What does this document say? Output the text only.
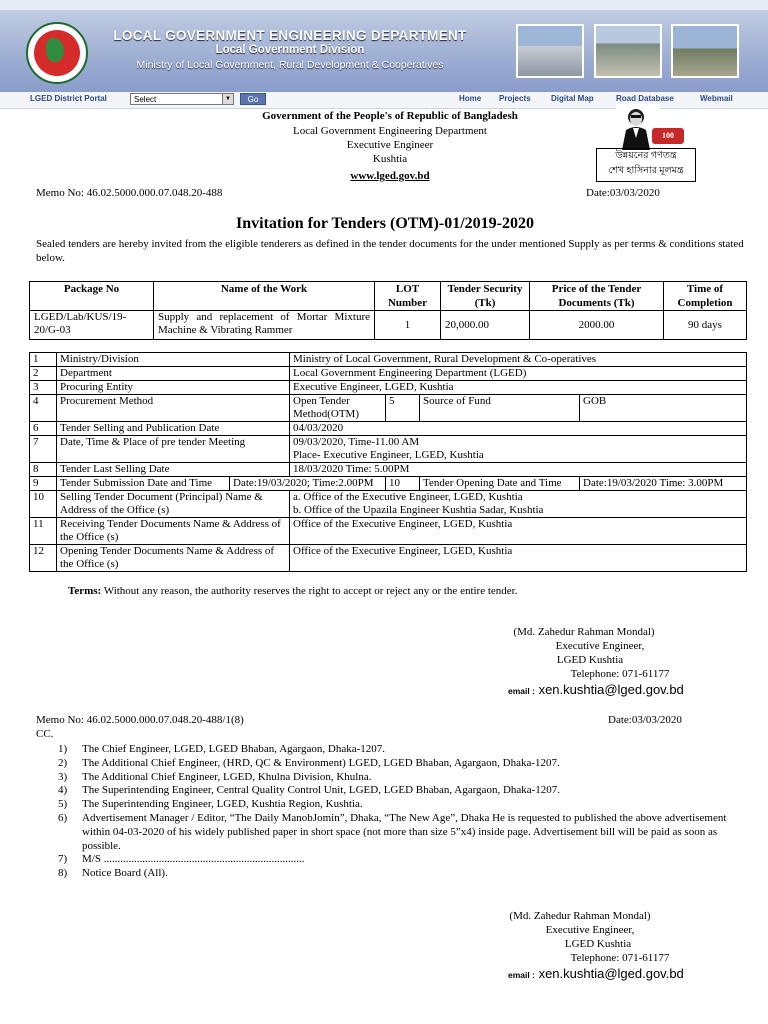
LOCAL GOVERNMENT ENGINEERING DEPARTMENT
Local Government Division
Ministry of Local Government, Rural Development & Cooperatives
LGED District Portal	Select	▼	Go	Home Projects	Digital Map	Road Database	Webmail
Government of the People's of Republic of Bangladesh
Local Government Engineering Department
Executive Engineer
Kushtia
www.lged.gov.bd
100
উন্নয়নের গণতন্ত্র
শেখ হাসিনার মূলমন্ত্র
Memo No: 46.02.5000.000.07.048.20-488	Date:03/03/2020
Invitation for Tenders (OTM)-01/2019-2020
Sealed tenders are hereby invited from the eligible tenderers as defined in the tender documents for the under mentioned Supply as per terms & conditions stated below.
Package No	Name of the Work	LOT Number	Tender Security (Tk)	Price of the Tender Documents (Tk)	Time of Completion
LGED/Lab/KUS/19-20/G-03	Supply and replacement of Mortar Mixture Machine & Vibrating Rammer	1	20,000.00	2000.00	90 days
1	Ministry/Division		Ministry of Local Government, Rural Development & Co-operatives			
2	Department		Local Government Engineering Department (LGED)			
3	Procuring Entity		Executive Engineer, LGED, Kushtia			
4	Procurement Method		Open Tender Method(OTM)	5	Source of Fund	GOB
6	Tender Selling and Publication Date		04/03/2020			
7	Date, Time & Place of pre tender Meeting		09/03/2020, Time-11.00 AM
Place- Executive Engineer, LGED, Kushtia			

8	Tender Last Selling Date		18/03/2020 Time: 5.00PM			
9	Tender Submission Date and Time	Date:19/03/2020; Time:2.00PM		10	Tender Opening Date and Time	Date:19/03/2020 Time: 3.00PM
10	Selling Tender Document (Principal) Name & Address of the Office (s)		a. Office of the Executive Engineer, LGED, Kushtia
b. Office of the Upazila Engineer Kushtia Sadar, Kushtia			

11	Receiving Tender Documents Name & Address of the Office (s)		Office of the Executive Engineer, LGED, Kushtia			
12	Opening Tender Documents Name & Address of the Office (s)		Office of the Executive Engineer, LGED, Kushtia			
Terms: Without any reason, the authority reserves the right to accept or reject any or the entire tender.
(Md. Zahedur Rahman Mondal)
Executive Engineer,
LGED Kushtia
Telephone: 071-61177
email : xen.kushtia@lged.gov.bd
Memo No: 46.02.5000.000.07.048.20-488/1(8)	Date:03/03/2020
CC.
1) The Chief Engineer, LGED, LGED Bhaban, Agargaon, Dhaka-1207.
2) The Additional Chief Engineer, (HRD, QC & Environment) LGED, LGED Bhaban, Agargaon, Dhaka-1207.
3) The Additional Chief Engineer, LGED, Khulna Division, Khulna.
4) The Superintending Engineer, Central Quality Control Unit, LGED, LGED Bhaban, Agargaon, Dhaka-1207.
5) The Superintending Engineer, LGED, Kushtia Region, Kushtia.
6) Advertisement Manager / Editor, “The Daily ManobJomin”, Dhaka, “The New Age”, Dhaka He is requested to published the above advertisement within 04-03-2020 of his widely published paper in short space (not more than size 5”x4) inside page. Advertisement bill will be paid as soon as possible.
7) M/S .........................................................................
8) Notice Board (All).
(Md. Zahedur Rahman Mondal)
Executive Engineer,
LGED Kushtia
Telephone: 071-61177
email : xen.kushtia@lged.gov.bd
